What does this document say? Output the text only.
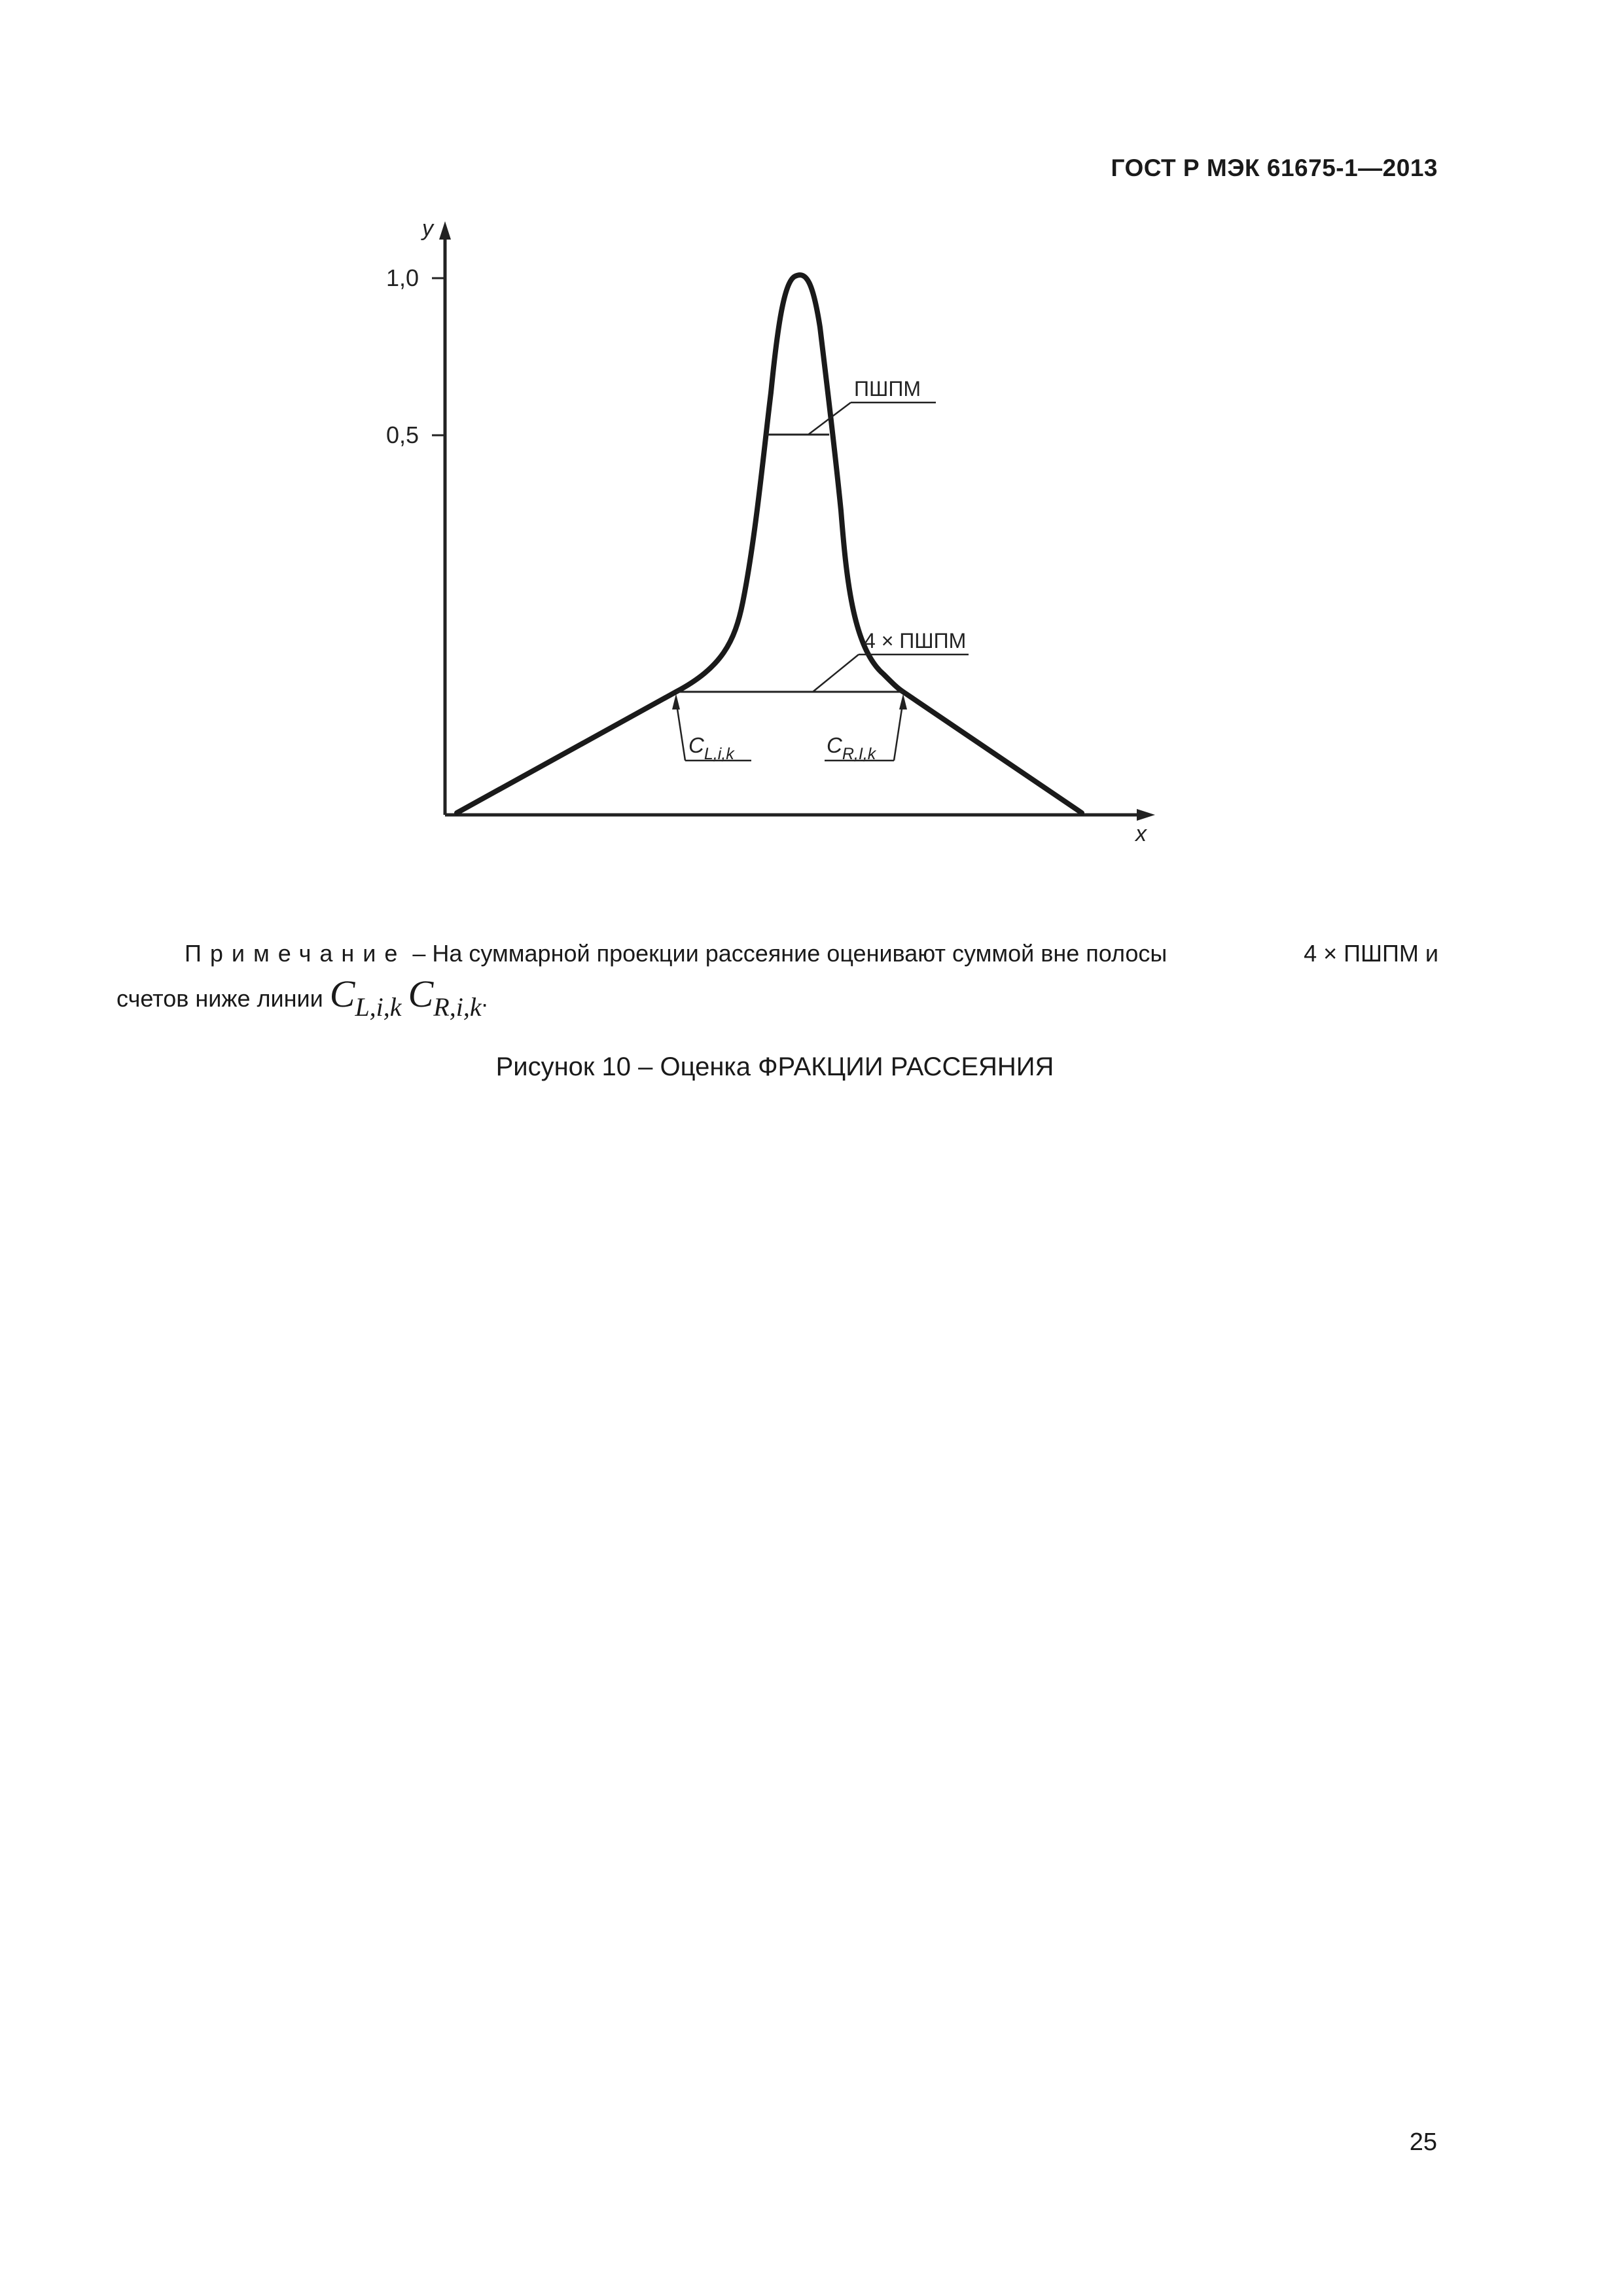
ГОСТ Р МЭК 61675-1—2013
y
x
1,0
0,5
ПШПМ
4 × ПШПМ
$C_{L,i,k}$	$C_{R,I,k}$
Примечание – На суммарной проекции рассеяние оценивают суммой вне полосы	4 × ПШПМ и
счетов ниже линии $C_{L,i,k}$ $C_{R,i,k}$.
Рисунок 10 – Оценка ФРАКЦИИ РАССЕЯНИЯ
25
